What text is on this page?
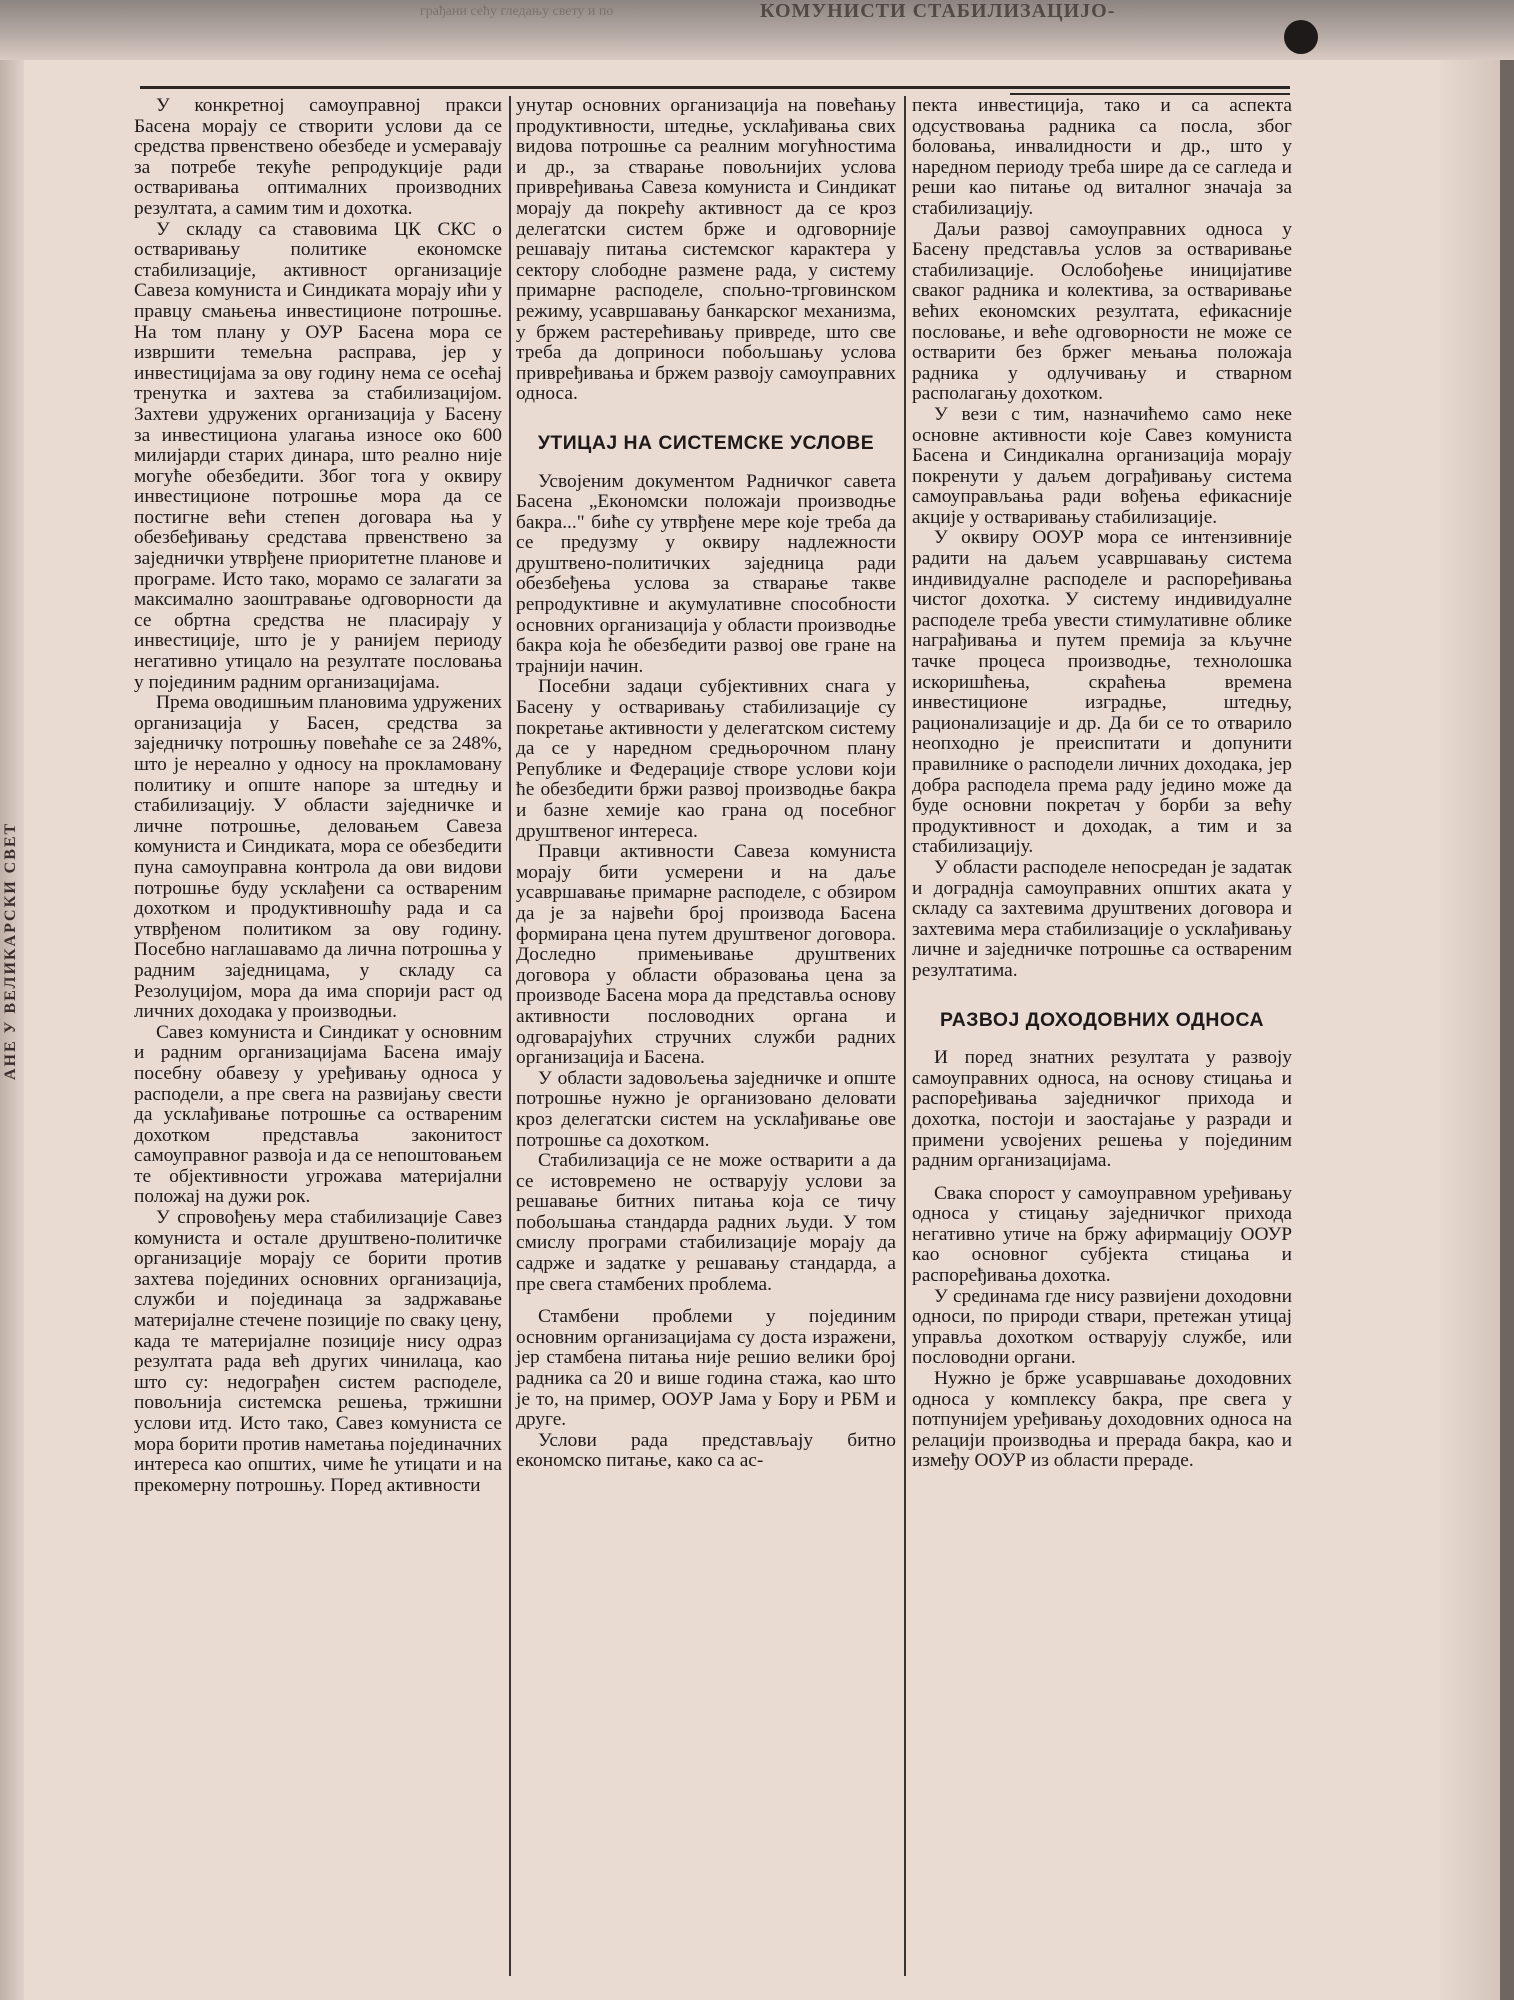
грађани сећу гледању свету и по	КОМУНИСТИ СТАБИЛИЗАЦИЈО-
АНЕ У ВЕЛИКАРСКИ СВЕТ

У конкретној самоуправној пракси Басена морају се створити услови да се средства првенствено обезбеде и усмеравају за потребе текуће репродукције ради остваривања оптималних производних резултата, а самим тим и дохотка.

У складу са ставовима ЦК СКС о остваривању политике економске стабилизације, активност организације Савеза комуниста и Синдиката морају ићи у правцу смањења инвестиционе потрошње. На том плану у ОУР Басена мора се извршити темељна расправа, јер у инвестицијама за ову годину нема се осећај тренутка и захтева за стабилизацијом. Захтеви удружених организација у Басену за инвестициона улагања износе око 600 милијарди старих динара, што реално није могуће обезбедити. Због тога у оквиру инвестиционе потрошње мора да се постигне већи степен договара ња у обезбеђивању средстава првенствено за заједнички утврђене приоритетне планове и програме. Исто тако, морамо се залагати за максимално заоштравање одговорности да се обртна средства не пласирају у инвестиције, што је у ранијем периоду негативно утицало на резултате пословања у појединим радним организацијама.

Према оводишњим плановима удружених организација у Басен, средства за заједничку потрошњу повећаће се за 248%, што је нереално у односу на прокламовану политику и опште напоре за штедњу и стабилизацију. У области заједничке и личне потрошње, деловањем Савеза комуниста и Синдиката, мора се обезбедити пуна самоуправна контрола да ови видови потрошње буду усклађени са оствареним дохотком и продуктивношћу рада и са утврђеном политиком за ову годину. Посебно наглашавамо да лична потрошња у радним заједницама, у складу са Резолуцијом, мора да има спорији раст од личних доходака у производњи.

Савез комуниста и Синдикат у основним и радним организацијама Басена имају посебну обавезу у уређивању односа у расподели, а пре свега на развијању свести да усклађивање потрошње са оствареним дохотком представља законитост самоуправног развоја и да се непоштовањем те објективности угрожава материјални положај на дужи рок.

У спровођењу мера стабилизације Савез комуниста и остале друштвено-политичке организације морају се борити против захтева појединих основних организација, служби и појединаца за задржавање материјалне стечене позиције по сваку цену, када те материјалне позиције нису одраз резултата рада већ других чинилаца, као што су: недограђен систем расподеле, повољнија системска решења, тржишни услови итд. Исто тако, Савез комуниста се мора борити против наметања појединачних интереса као општих, чиме ће утицати и на прекомерну потрошњу. Поред активности

унутар основних организација на повећању продуктивности, штедње, усклађивања свих видова потрошње са реалним могућностима и др., за стварање повољнијих услова привређивања Савеза комуниста и Синдикат морају да покрећу активност да се кроз делегатски систем брже и одговорније решавају питања системског карактера у сектору слободне размене рада, у систему примарне расподеле, спољно-трговинском режиму, усавршавању банкарског механизма, у бржем растерећивању привреде, што све треба да доприноси побољшању услова привређивања и бржем развоју самоуправних односа.

УТИЦАЈ НА СИСТЕМСКЕ УСЛОВЕ

Усвојеним документом Радничког савета Басена „Економски положаји производње бакра..." биће су утврђене мере које треба да се предузму у оквиру надлежности друштвено-политичких заједница ради обезбеђења услова за стварање такве репродуктивне и акумулативне способности основних организација у области производње бакра која ће обезбедити развој ове гране на трајнији начин.

Посебни задаци субјективних снага у Басену у остваривању стабилизације су покретање активности у делегатском систему да се у наредном средњорочном плану Републике и Федерације створе услови који ће обезбедити бржи развој производње бакра и базне хемије као грана од посебног друштвеног интереса.

Правци активности Савеза комуниста морају бити усмерени и на даље усавршавање примарне расподеле, с обзиром да је за највећи број производа Басена формирана цена путем друштвеног договора. Доследно примењивање друштвених договора у области образовања цена за производе Басена мора да представља основу активности пословодних органа и одговарајућих стручних служби радних организација и Басена.

У области задовољења заједничке и опште потрошње нужно је организовано деловати кроз делегатски систем на усклађивање ове потрошње са дохотком.

Стабилизација се не може остварити а да се истовремено не остварују услови за решавање битних питања која се тичу побољшања стандарда радних људи. У том смислу програми стабилизације морају да садрже и задатке у решавању стандарда, а пре свега стамбених проблема.

Стамбени проблеми у појединим основним организацијама су доста изражени, јер стамбена питања није решио велики број радника са 20 и више година стажа, као што је то, на пример, ООУР Јама у Бору и РБМ и друге.

Услови рада представљају битно економско питање, како са ас-

пекта инвестиција, тако и са аспекта одсуствовања радника са посла, због боловања, инвалидности и др., што у наредном периоду треба шире да се сагледа и реши као питање од виталног значаја за стабилизацију.

Даљи развој самоуправних односа у Басену представља услов за остваривање стабилизације. Ослобођење иницијативе сваког радника и колектива, за остваривање већих економских резултата, ефикасније пословање, и веће одговорности не може се остварити без бржег мењања положаја радника у одлучивању и стварном располагању дохотком.

У вези с тим, назначићемо само неке основне активности које Савез комуниста Басена и Синдикална организација морају покренути у даљем дограђивању система самоуправљања ради вођења ефикасније акције у остваривању стабилизације.

У оквиру ООУР мора се интензивније радити на даљем усавршавању система индивидуалне расподеле и распоређивања чистог дохотка. У систему индивидуалне расподеле треба увести стимулативне облике награђивања и путем премија за кључне тачке процеса производње, технолошка искоришћења, скраћења времена инвестиционе изградње, штедњу, рационализације и др. Да би се то отварило неопходно је преиспитати и допунити правилнике о расподели личних доходака, јер добра расподела према раду једино може да буде основни покретач у борби за већу продуктивност и доходак, а тим и за стабилизацију.

У области расподеле непосредан је задатак и дограднја самоуправних општих аката у складу са захтевима друштвених договора и захтевима мера стабилизације о усклађивању личне и заједничке потрошње са оствареним резултатима.

РАЗВОЈ ДОХОДОВНИХ ОДНОСА

И поред знатних резултата у развоју самоуправних односа, на основу стицања и распоређивања заједничког прихода и дохотка, постоји и заостајање у разради и примени усвојених решења у појединим радним организацијама.

Свака спорост у самоуправном уређивању односа у стицању заједничког прихода негативно утиче на бржу афирмацију ООУР као основног субјекта стицања и распоређивања дохотка.

У срединама где нису развијени доходовни односи, по природи ствари, претежан утицај управља дохотком остварују службе, или пословодни органи.

Нужно је брже усавршавање доходовних односа у комплексу бакра, пре свега у потпунијем уређивању доходовних односа на релацији производња и прерада бакра, као и између ООУР из области прераде.
